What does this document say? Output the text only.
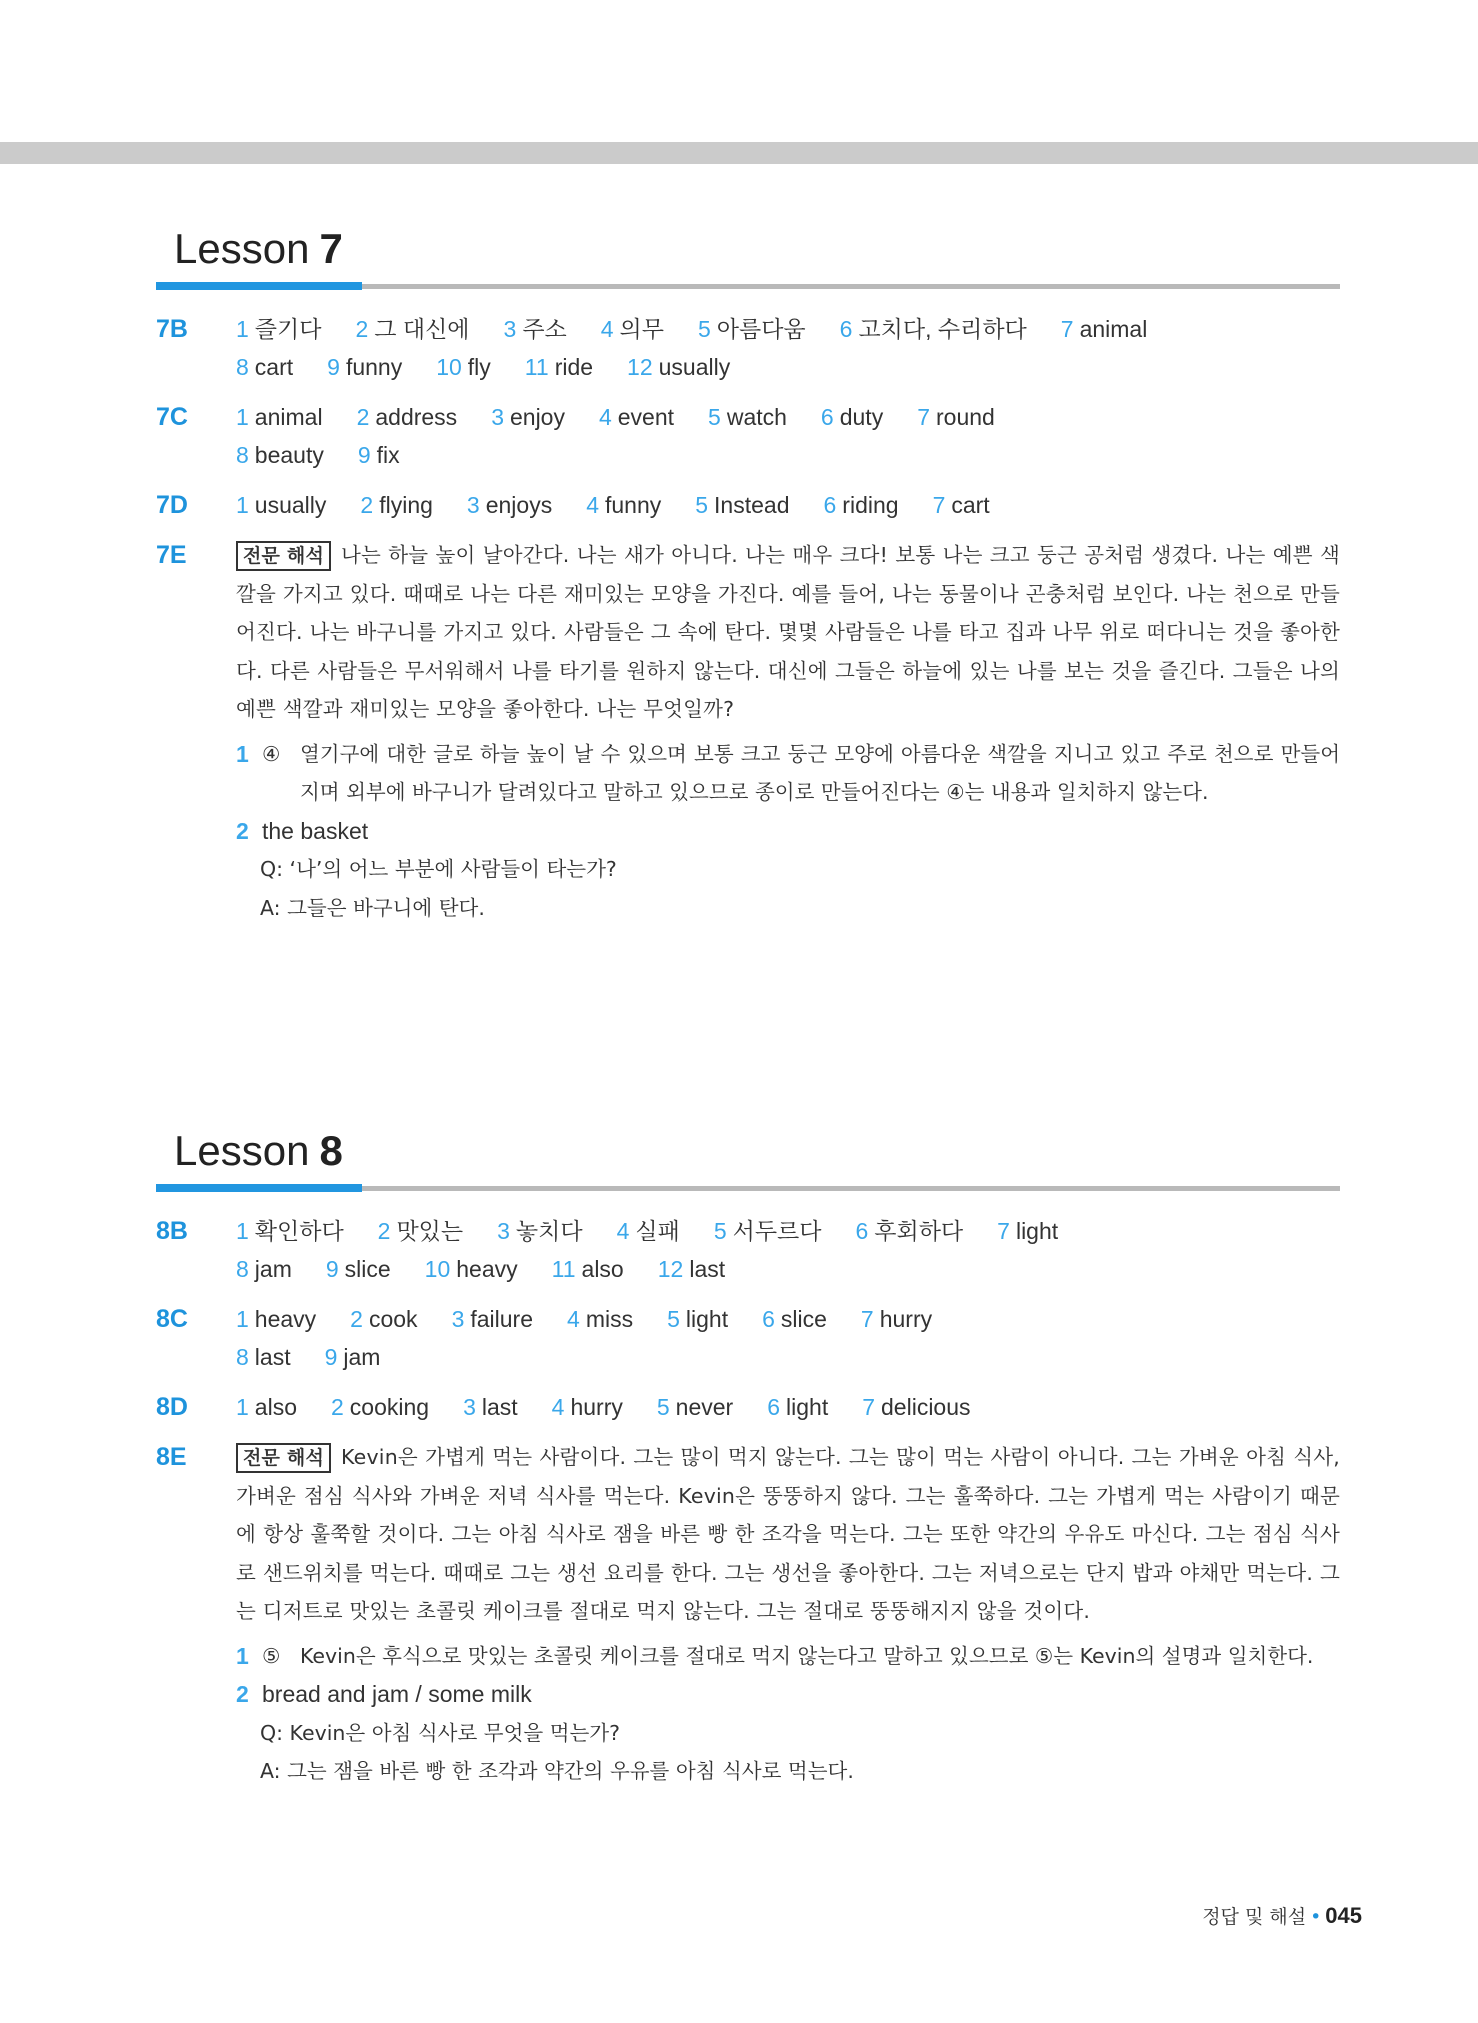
Lesson 7
7B	1 즐기다 2 그 대신에 3 주소 4 의무 5 아름다움 6 고치다, 수리하다 7 animal
8 cart 9 funny 10 fly 11 ride 12 usually
7C	1 animal 2 address 3 enjoy 4 event 5 watch 6 duty 7 round
8 beauty 9 fix
7D	1 usually 2 flying 3 enjoys 4 funny 5 Instead 6 riding 7 cart
7E	전문 해석 나는 하늘 높이 날아간다. 나는 새가 아니다. 나는 매우 크다! 보통 나는 크고 둥근 공처럼 생겼다. 나는 예쁜 색깔을 가지고 있다. 때때로 나는 다른 재미있는 모양을 가진다. 예를 들어, 나는 동물이나 곤충처럼 보인다. 나는 천으로 만들어진다. 나는 바구니를 가지고 있다. 사람들은 그 속에 탄다. 몇몇 사람들은 나를 타고 집과 나무 위로 떠다니는 것을 좋아한다. 다른 사람들은 무서워해서 나를 타기를 원하지 않는다. 대신에 그들은 하늘에 있는 나를 보는 것을 즐긴다. 그들은 나의 예쁜 색깔과 재미있는 모양을 좋아한다. 나는 무엇일까?
1 ④ 열기구에 대한 글로 하늘 높이 날 수 있으며 보통 크고 둥근 모양에 아름다운 색깔을 지니고 있고 주로 천으로 만들어지며 외부에 바구니가 달려있다고 말하고 있으므로 종이로 만들어진다는 ④는 내용과 일치하지 않는다.
2 the basket
Q: ‘나’의 어느 부분에 사람들이 타는가?
A: 그들은 바구니에 탄다.
Lesson 8
8B	1 확인하다 2 맛있는 3 놓치다 4 실패 5 서두르다 6 후회하다 7 light
8 jam 9 slice 10 heavy 11 also 12 last
8C	1 heavy 2 cook 3 failure 4 miss 5 light 6 slice 7 hurry
8 last 9 jam
8D	1 also 2 cooking 3 last 4 hurry 5 never 6 light 7 delicious
8E	전문 해석 Kevin은 가볍게 먹는 사람이다. 그는 많이 먹지 않는다. 그는 많이 먹는 사람이 아니다. 그는 가벼운 아침 식사, 가벼운 점심 식사와 가벼운 저녁 식사를 먹는다. Kevin은 뚱뚱하지 않다. 그는 훌쭉하다. 그는 가볍게 먹는 사람이기 때문에 항상 훌쭉할 것이다. 그는 아침 식사로 잼을 바른 빵 한 조각을 먹는다. 그는 또한 약간의 우유도 마신다. 그는 점심 식사로 샌드위치를 먹는다. 때때로 그는 생선 요리를 한다. 그는 생선을 좋아한다. 그는 저녁으로는 단지 밥과 야채만 먹는다. 그는 디저트로 맛있는 초콜릿 케이크를 절대로 먹지 않는다. 그는 절대로 뚱뚱해지지 않을 것이다.
1 ⑤ Kevin은 후식으로 맛있는 초콜릿 케이크를 절대로 먹지 않는다고 말하고 있으므로 ⑤는 Kevin의 설명과 일치한다.
2 bread and jam / some milk
Q: Kevin은 아침 식사로 무엇을 먹는가?
A: 그는 잼을 바른 빵 한 조각과 약간의 우유를 아침 식사로 먹는다.
정답 및 해설 • 045
